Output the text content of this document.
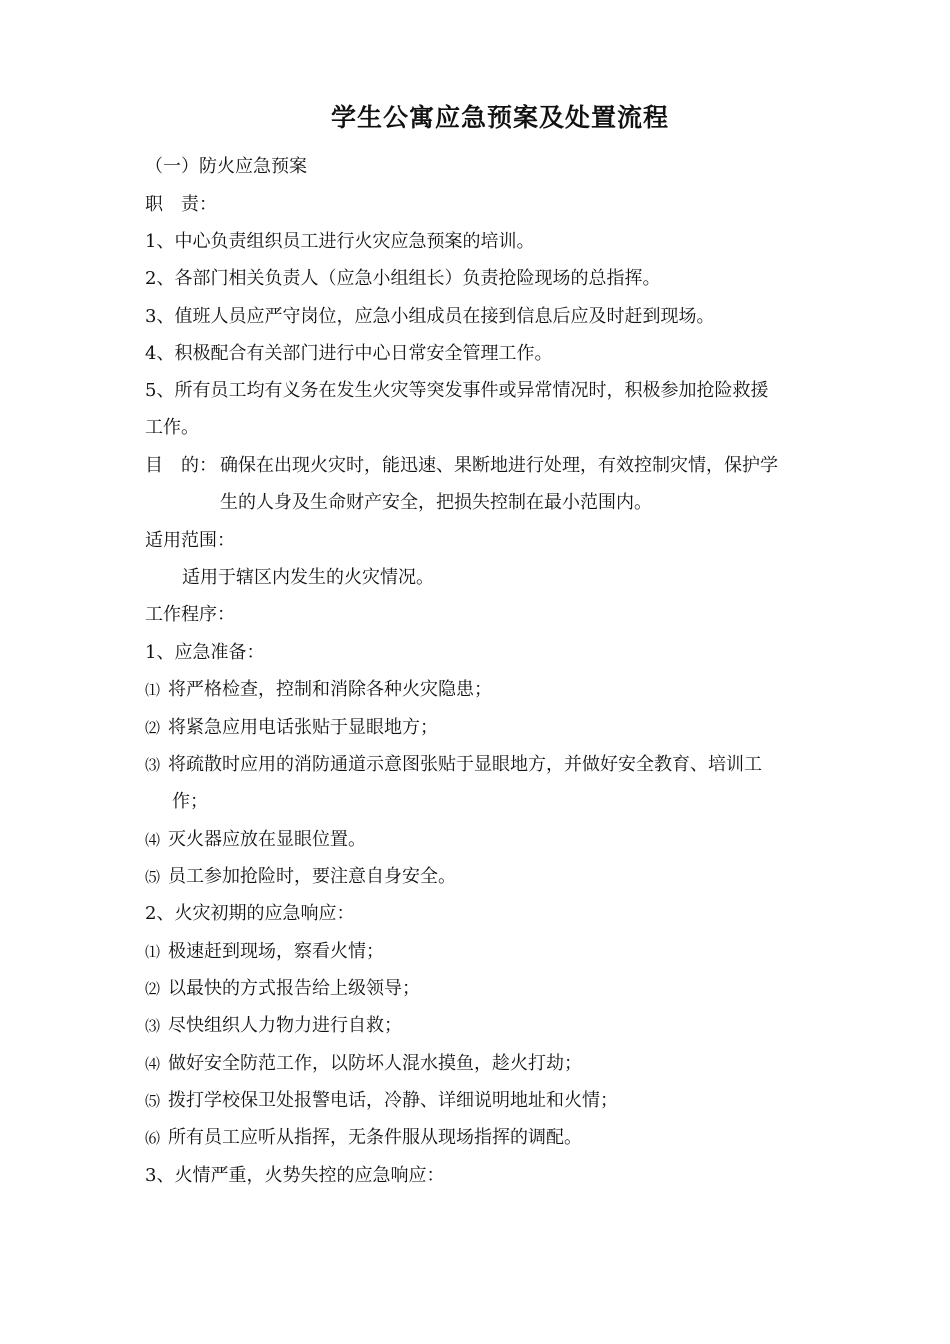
学生公寓应急预案及处置流程
（一）防火应急预案
职　责：
1、中心负责组织员工进行火灾应急预案的培训。
2、各部门相关负责人（应急小组组长）负责抢险现场的总指挥。
3、值班人员应严守岗位，应急小组成员在接到信息后应及时赶到现场。
4、积极配合有关部门进行中心日常安全管理工作。
5、所有员工均有义务在发生火灾等突发事件或异常情况时，积极参加抢险救援
工作。
目　的： 确保在出现火灾时，能迅速、果断地进行处理，有效控制灾情，保护学
生的人身及生命财产安全，把损失控制在最小范围内。
适用范围：
适用于辖区内发生的火灾情况。
工作程序：
1、应急准备：
⑴ 将严格检查，控制和消除各种火灾隐患；
⑵ 将紧急应用电话张贴于显眼地方；
⑶ 将疏散时应用的消防通道示意图张贴于显眼地方，并做好安全教育、培训工
作；
⑷ 灭火器应放在显眼位置。
⑸ 员工参加抢险时，要注意自身安全。
2、火灾初期的应急响应：
⑴ 极速赶到现场，察看火情；
⑵ 以最快的方式报告给上级领导；
⑶ 尽快组织人力物力进行自救；
⑷ 做好安全防范工作，以防坏人混水摸鱼，趁火打劫；
⑸ 拨打学校保卫处报警电话，冷静、详细说明地址和火情；
⑹ 所有员工应听从指挥，无条件服从现场指挥的调配。
3、火情严重，火势失控的应急响应：
